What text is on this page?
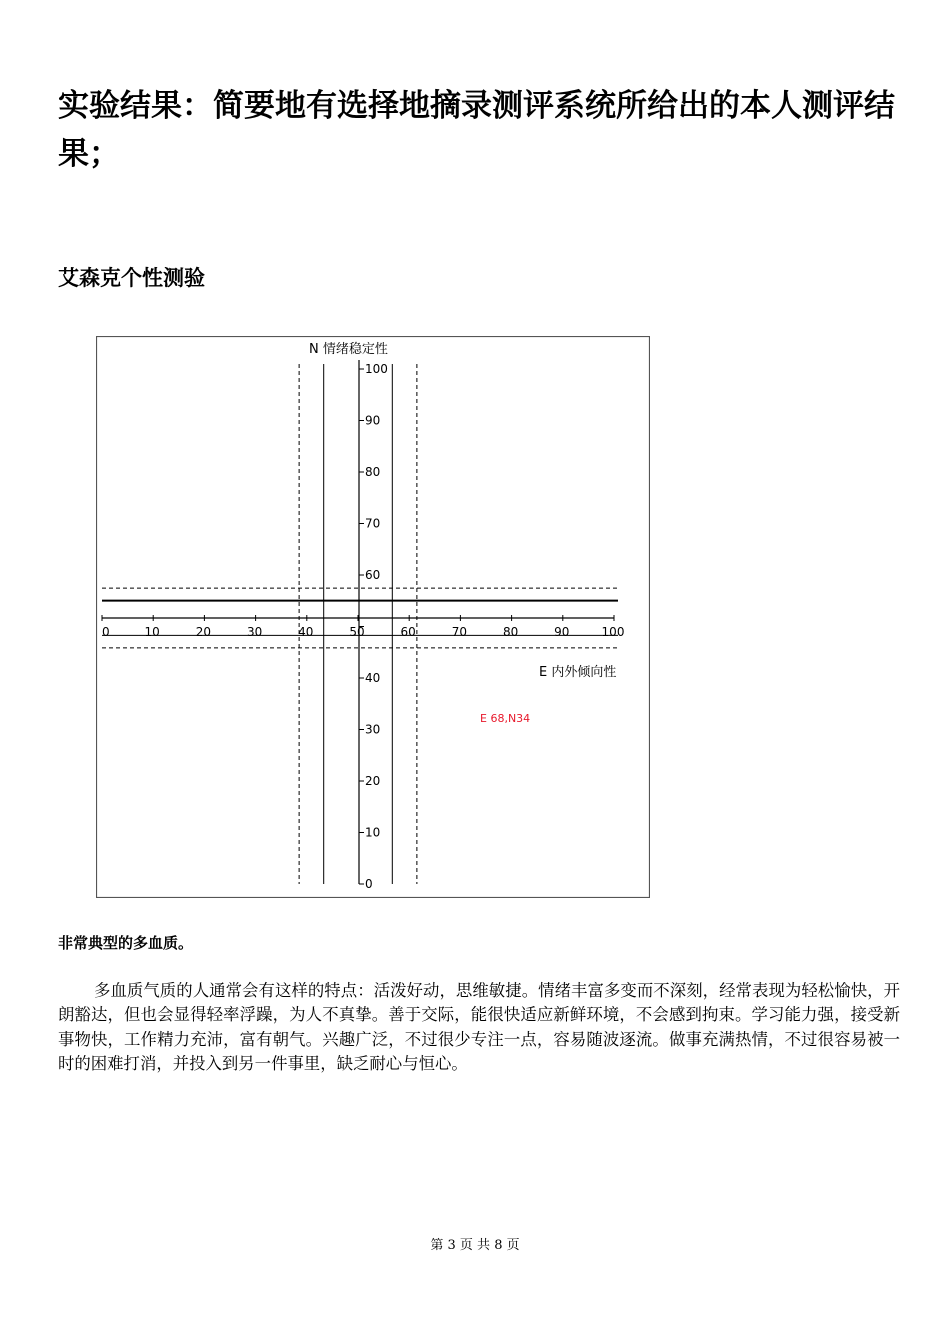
实验结果：简要地有选择地摘录测评系统所给出的本人测评结果；
艾森克个性测验
0	10	20	30	40	50	60	70	80	90	100
0
10
20
30
40
60
70
80
90
100
N 情绪稳定性
E 内外倾向性
E 68,N34
非常典型的多血质。

多血质气质的人通常会有这样的特点：活泼好动，思维敏捷。情绪丰富多变而不深刻，经常表现为轻松愉快，开朗豁达，但也会显得轻率浮躁，为人不真挚。善于交际，能很快适应新鲜环境，不会感到拘束。学习能力强，接受新事物快，工作精力充沛，富有朝气。兴趣广泛，不过很少专注一点，容易随波逐流。做事充满热情，不过很容易被一时的困难打消，并投入到另一件事里，缺乏耐心与恒心。

第 3 页 共 8 页
